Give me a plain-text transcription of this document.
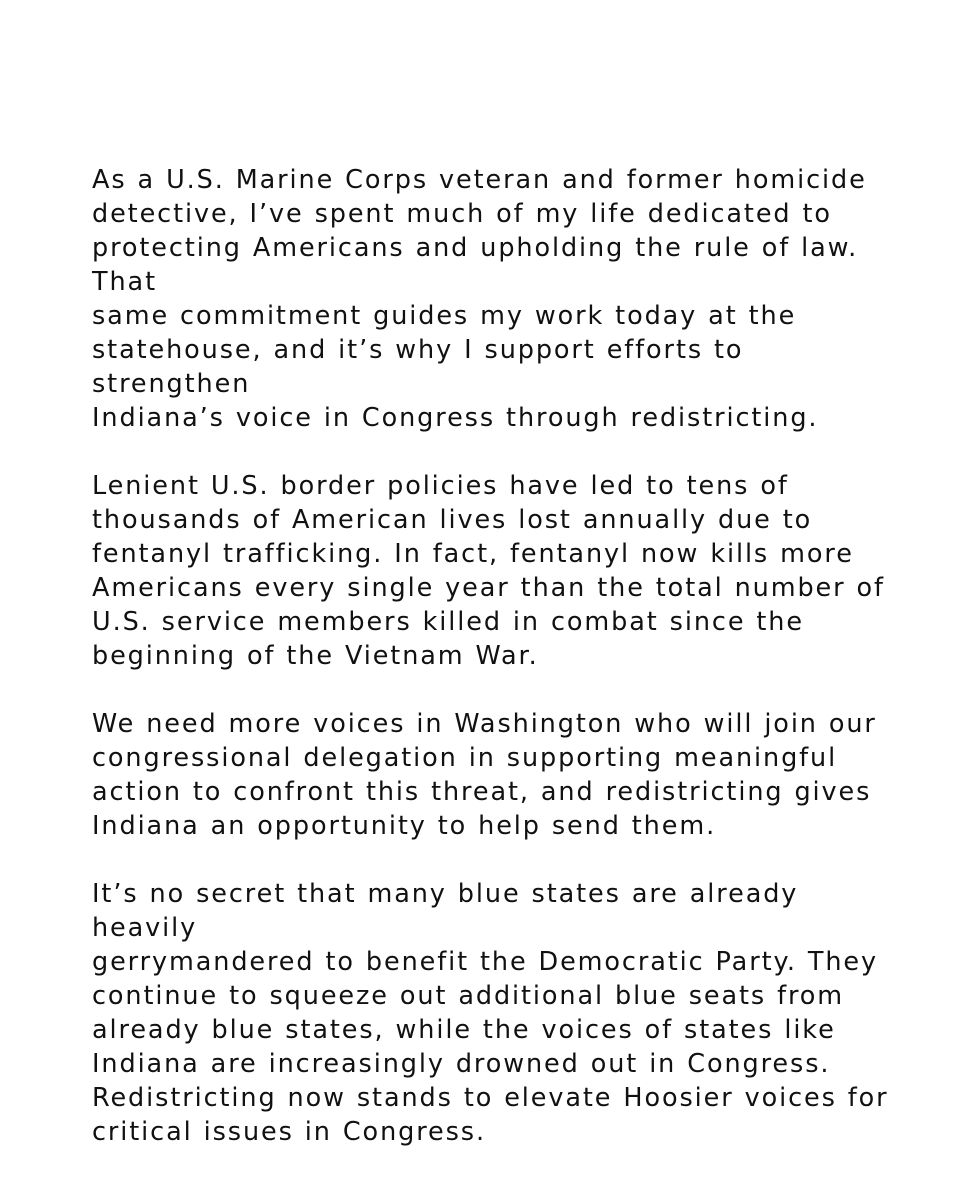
As a U.S. Marine Corps veteran and former homicide
detective, I’ve spent much of my life dedicated to
protecting Americans and upholding the rule of law. That
same commitment guides my work today at the
statehouse, and it’s why I support efforts to strengthen
Indiana’s voice in Congress through redistricting.

Lenient U.S. border policies have led to tens of
thousands of American lives lost annually due to
fentanyl trafficking. In fact, fentanyl now kills more
Americans every single year than the total number of
U.S. service members killed in combat since the
beginning of the Vietnam War.

We need more voices in Washington who will join our
congressional delegation in supporting meaningful
action to confront this threat, and redistricting gives
Indiana an opportunity to help send them.

It’s no secret that many blue states are already heavily
gerrymandered to benefit the Democratic Party. They
continue to squeeze out additional blue seats from
already blue states, while the voices of states like
Indiana are increasingly drowned out in Congress.
Redistricting now stands to elevate Hoosier voices for
critical issues in Congress.
